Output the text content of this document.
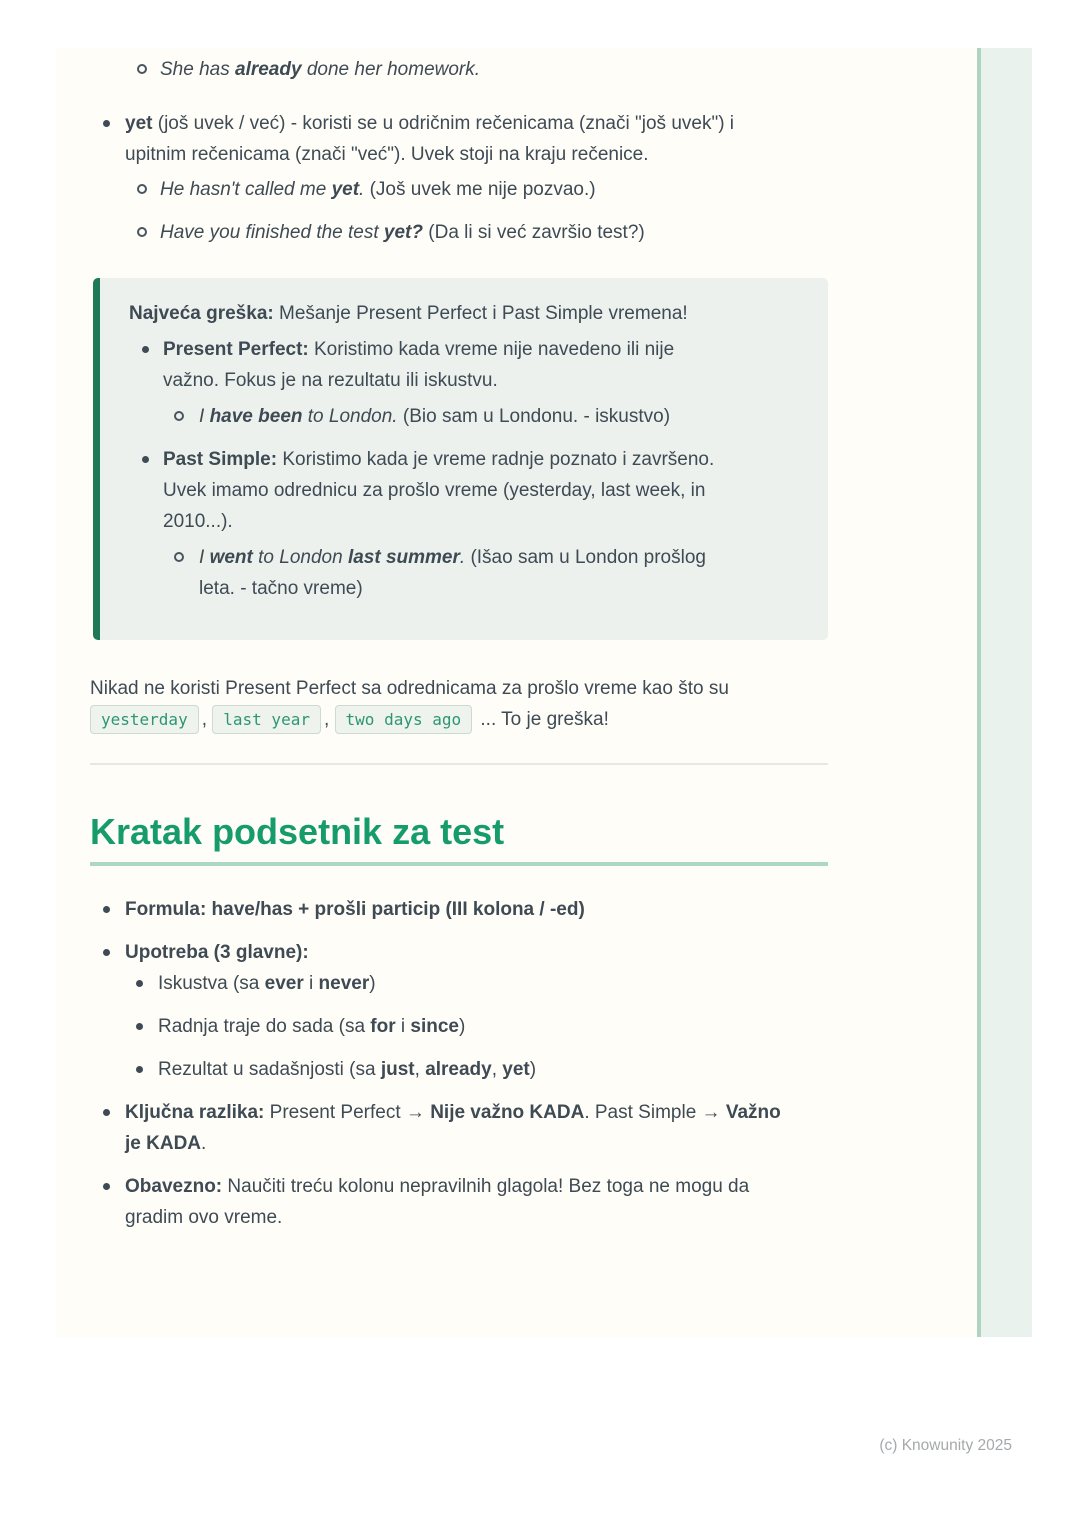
She has already done her homework.
yet (još uvek / već) - koristi se u odričnim rečenicama (znači "još uvek") i
upitnim rečenicama (znači "već"). Uvek stoji na kraju rečenice.
He hasn't called me yet. (Još uvek me nije pozvao.)
Have you finished the test yet? (Da li si već završio test?)

Najveća greška: Mešanje Present Perfect i Past Simple vremena!

Present Perfect: Koristimo kada vreme nije navedeno ili nije
važno. Fokus je na rezultatu ili iskustvu.
I have been to London. (Bio sam u Londonu. - iskustvo)
Past Simple: Koristimo kada je vreme radnje poznato i završeno.
Uvek imamo odrednicu za prošlo vreme (yesterday, last week, in
2010...).
I went to London last summer. (Išao sam u London prošlog
leta. - tačno vreme)

Nikad ne koristi Present Perfect sa odrednicama za prošlo vreme kao što su
yesterday , last year , two days ago ... To je greška!

Kratak podsetnik za test
Formula: have/has + prošli particip (III kolona / -ed)
Upotreba (3 glavne):
Iskustva (sa ever i never)
Radnja traje do sada (sa for i since)
Rezultat u sadašnjosti (sa just, already, yet)
Ključna razlika: Present Perfect → Nije važno KADA. Past Simple → Važno
je KADA.
Obavezno: Naučiti treću kolonu nepravilnih glagola! Bez toga ne mogu da
gradim ovo vreme.
(c) Knowunity 2025
